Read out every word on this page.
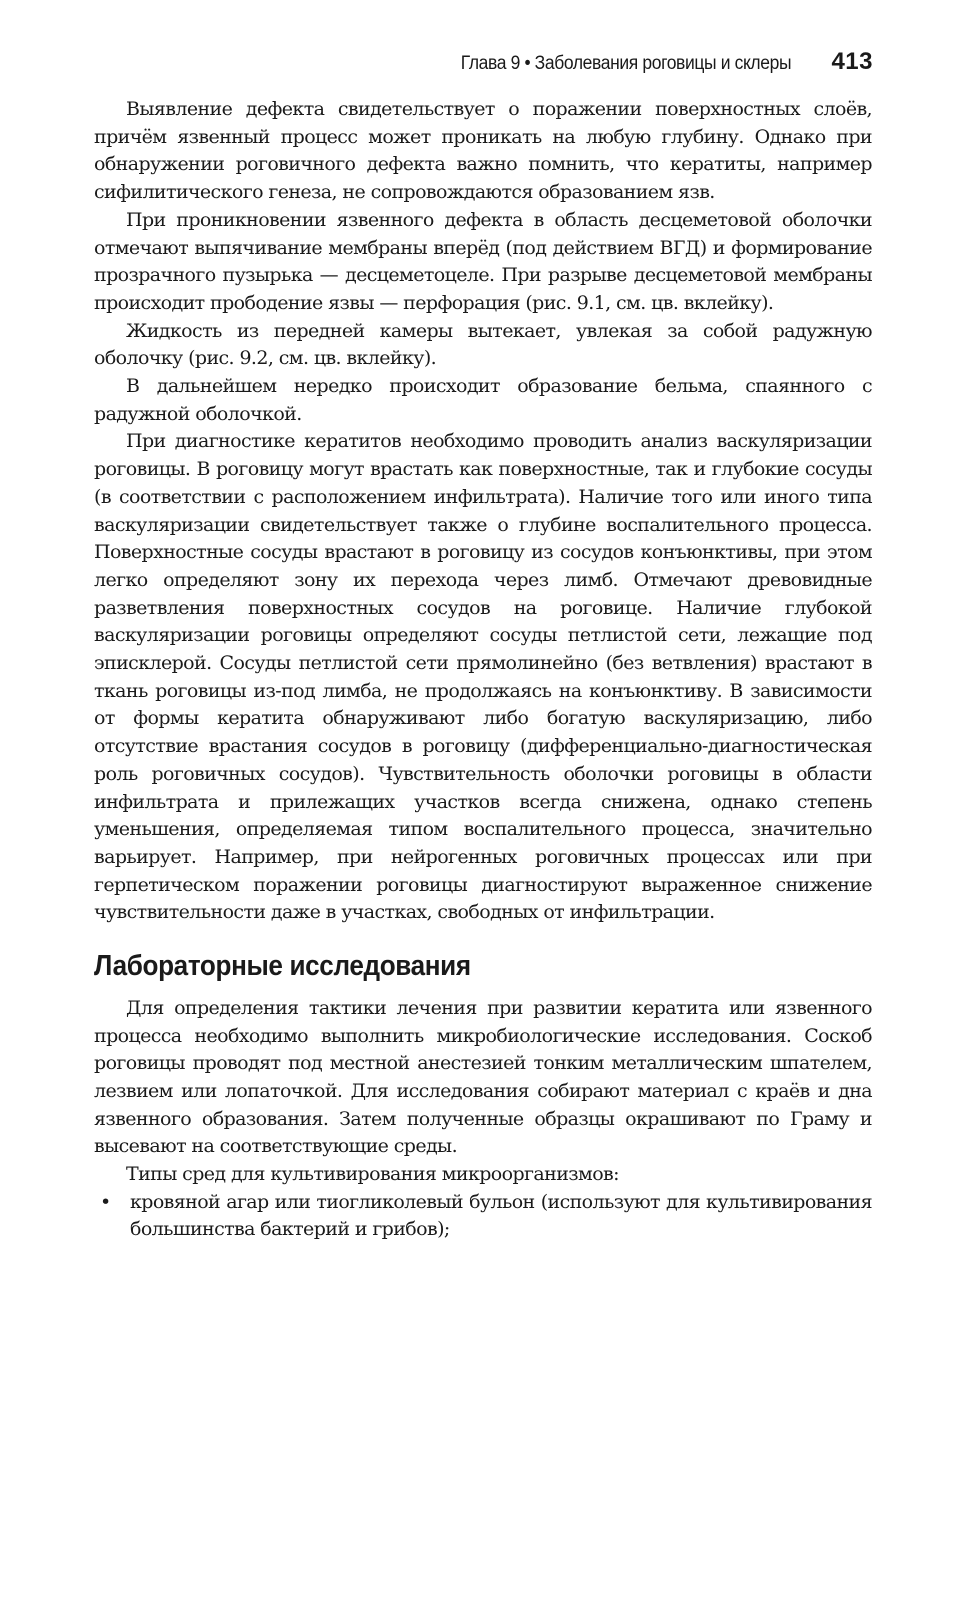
Глава 9 • Заболевания роговицы и склеры 413

Выявление дефекта свидетельствует о поражении поверхностных слоёв, причём язвенный процесс может проникать на любую глубину. Однако при обнаружении роговичного дефекта важно помнить, что кератиты, например сифилитического генеза, не сопровождаются образованием язв.

При проникновении язвенного дефекта в область десцеметовой оболочки отмечают выпячивание мембраны вперёд (под действием ВГД) и формирование прозрачного пузырька — десцеметоцеле. При разрыве десцеметовой мембраны происходит прободение язвы — перфорация (рис. 9.1, см. цв. вклейку).

Жидкость из передней камеры вытекает, увлекая за собой радужную оболочку (рис. 9.2, см. цв. вклейку).

В дальнейшем нередко происходит образование бельма, спаянного с радужной оболочкой.

При диагностике кератитов необходимо проводить анализ васкуляризации роговицы. В роговицу могут врастать как поверхностные, так и глубокие сосуды (в соответствии с расположением инфильтрата). Наличие того или иного типа васкуляризации свидетельствует также о глубине воспалительного процесса. Поверхностные сосуды врастают в роговицу из сосудов конъюнктивы, при этом легко определяют зону их перехода через лимб. Отмечают древовидные разветвления поверхностных сосудов на роговице. Наличие глубокой васкуляризации роговицы определяют сосуды петлистой сети, лежащие под эписклерой. Сосуды петлистой сети прямолинейно (без ветвления) врастают в ткань роговицы из-под лимба, не продолжаясь на конъюнктиву. В зависимости от формы кератита обнаруживают либо богатую васкуляризацию, либо отсутствие врастания сосудов в роговицу (дифференциально-диагностическая роль роговичных сосудов). Чувствительность оболочки роговицы в области инфильтрата и прилежащих участков всегда снижена, однако степень уменьшения, определяемая типом воспалительного процесса, значительно варьирует. Например, при нейрогенных роговичных процессах или при герпетическом поражении роговицы диагностируют выраженное снижение чувствительности даже в участках, свободных от инфильтрации.

Лабораторные исследования

Для определения тактики лечения при развитии кератита или язвенного процесса необходимо выполнить микробиологические исследования. Соскоб роговицы проводят под местной анестезией тонким металлическим шпателем, лезвием или лопаточкой. Для исследования собирают материал с краёв и дна язвенного образования. Затем полученные образцы окрашивают по Граму и высевают на соответствующие среды.

Типы сред для культивирования микроорганизмов:

• кровяной агар или тиогликолевый бульон (используют для культивирования большинства бактерий и грибов);
